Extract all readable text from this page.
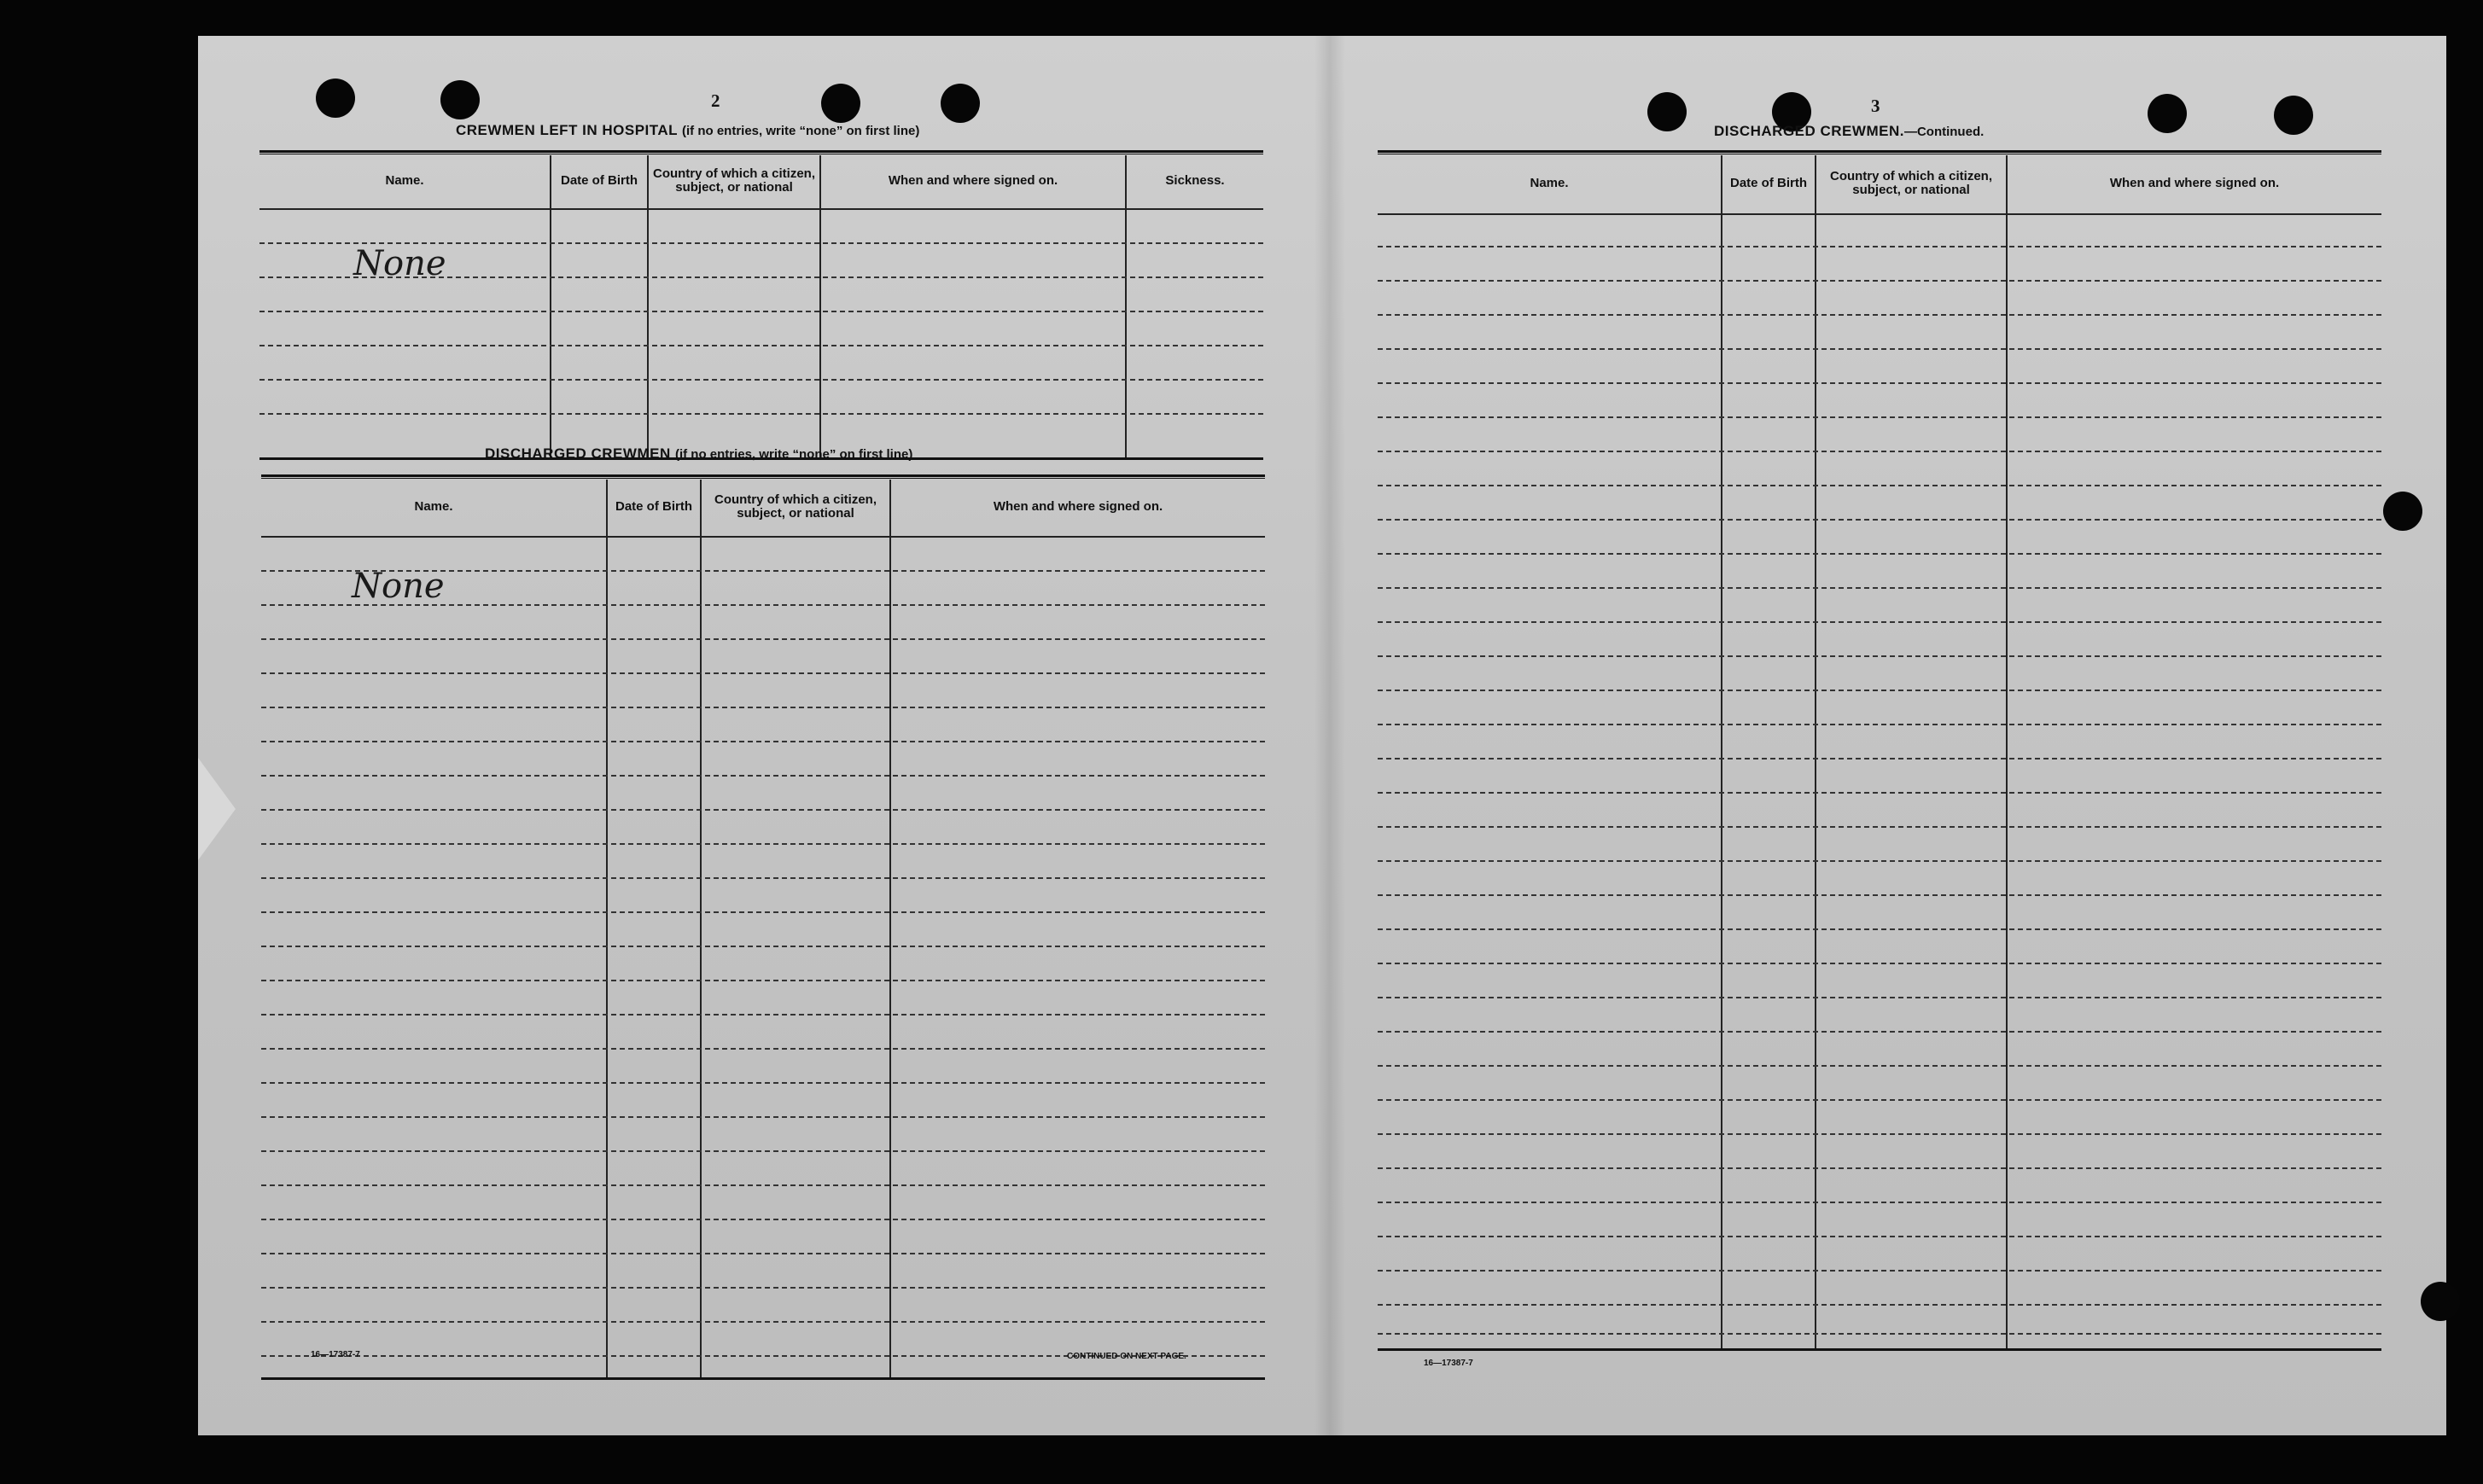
2
CREWMEN LEFT IN HOSPITAL (if no entries, write “none” on first line)
Name.	Date of Birth	Country of which a citizen, subject, or national	When and where signed on.	Sickness.
None
DISCHARGED CREWMEN (if no entries, write “none” on first line)
Name.	Date of Birth	Country of which a citizen, subject, or national	When and where signed on.
None
16—17387-7	CONTINUED ON NEXT PAGE.
3
DISCHARGED CREWMEN.—Continued.
Name.	Date of Birth	Country of which a citizen, subject, or national	When and where signed on.
16—17387-7
